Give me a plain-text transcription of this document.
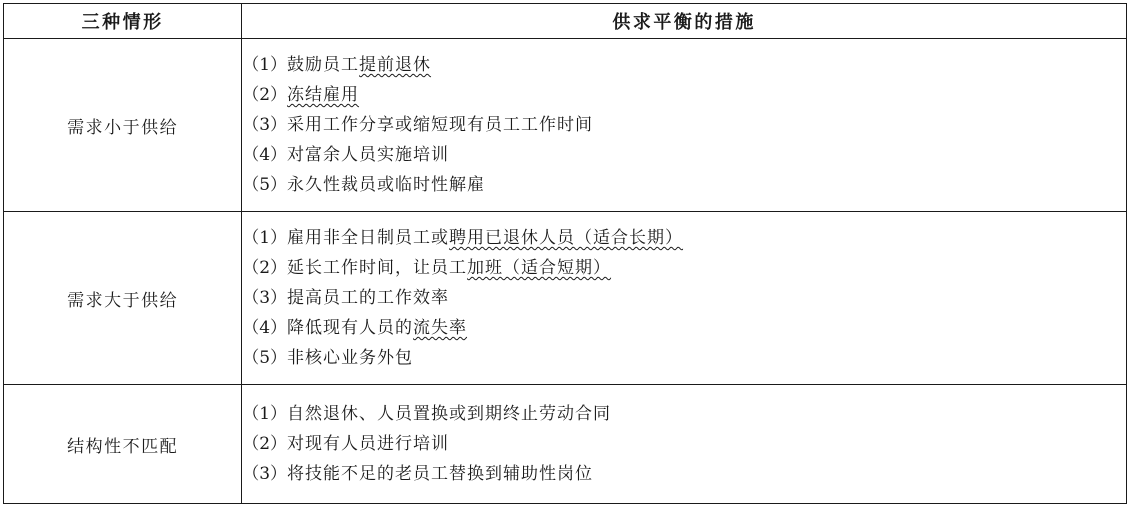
三种情形	供求平衡的措施

需求小于供给	
（1）鼓励员工提前退休
（2）冻结雇用
（3）采用工作分享或缩短现有员工工作时间
（4）对富余人员实施培训
（5）永久性裁员或临时性解雇

需求大于供给	
（1）雇用非全日制员工或聘用已退休人员（适合长期）
（2）延长工作时间，让员工加班（适合短期）
（3）提高员工的工作效率
（4）降低现有人员的流失率
（5）非核心业务外包

结构性不匹配	
（1）自然退休、人员置换或到期终止劳动合同
（2）对现有人员进行培训
（3）将技能不足的老员工替换到辅助性岗位
